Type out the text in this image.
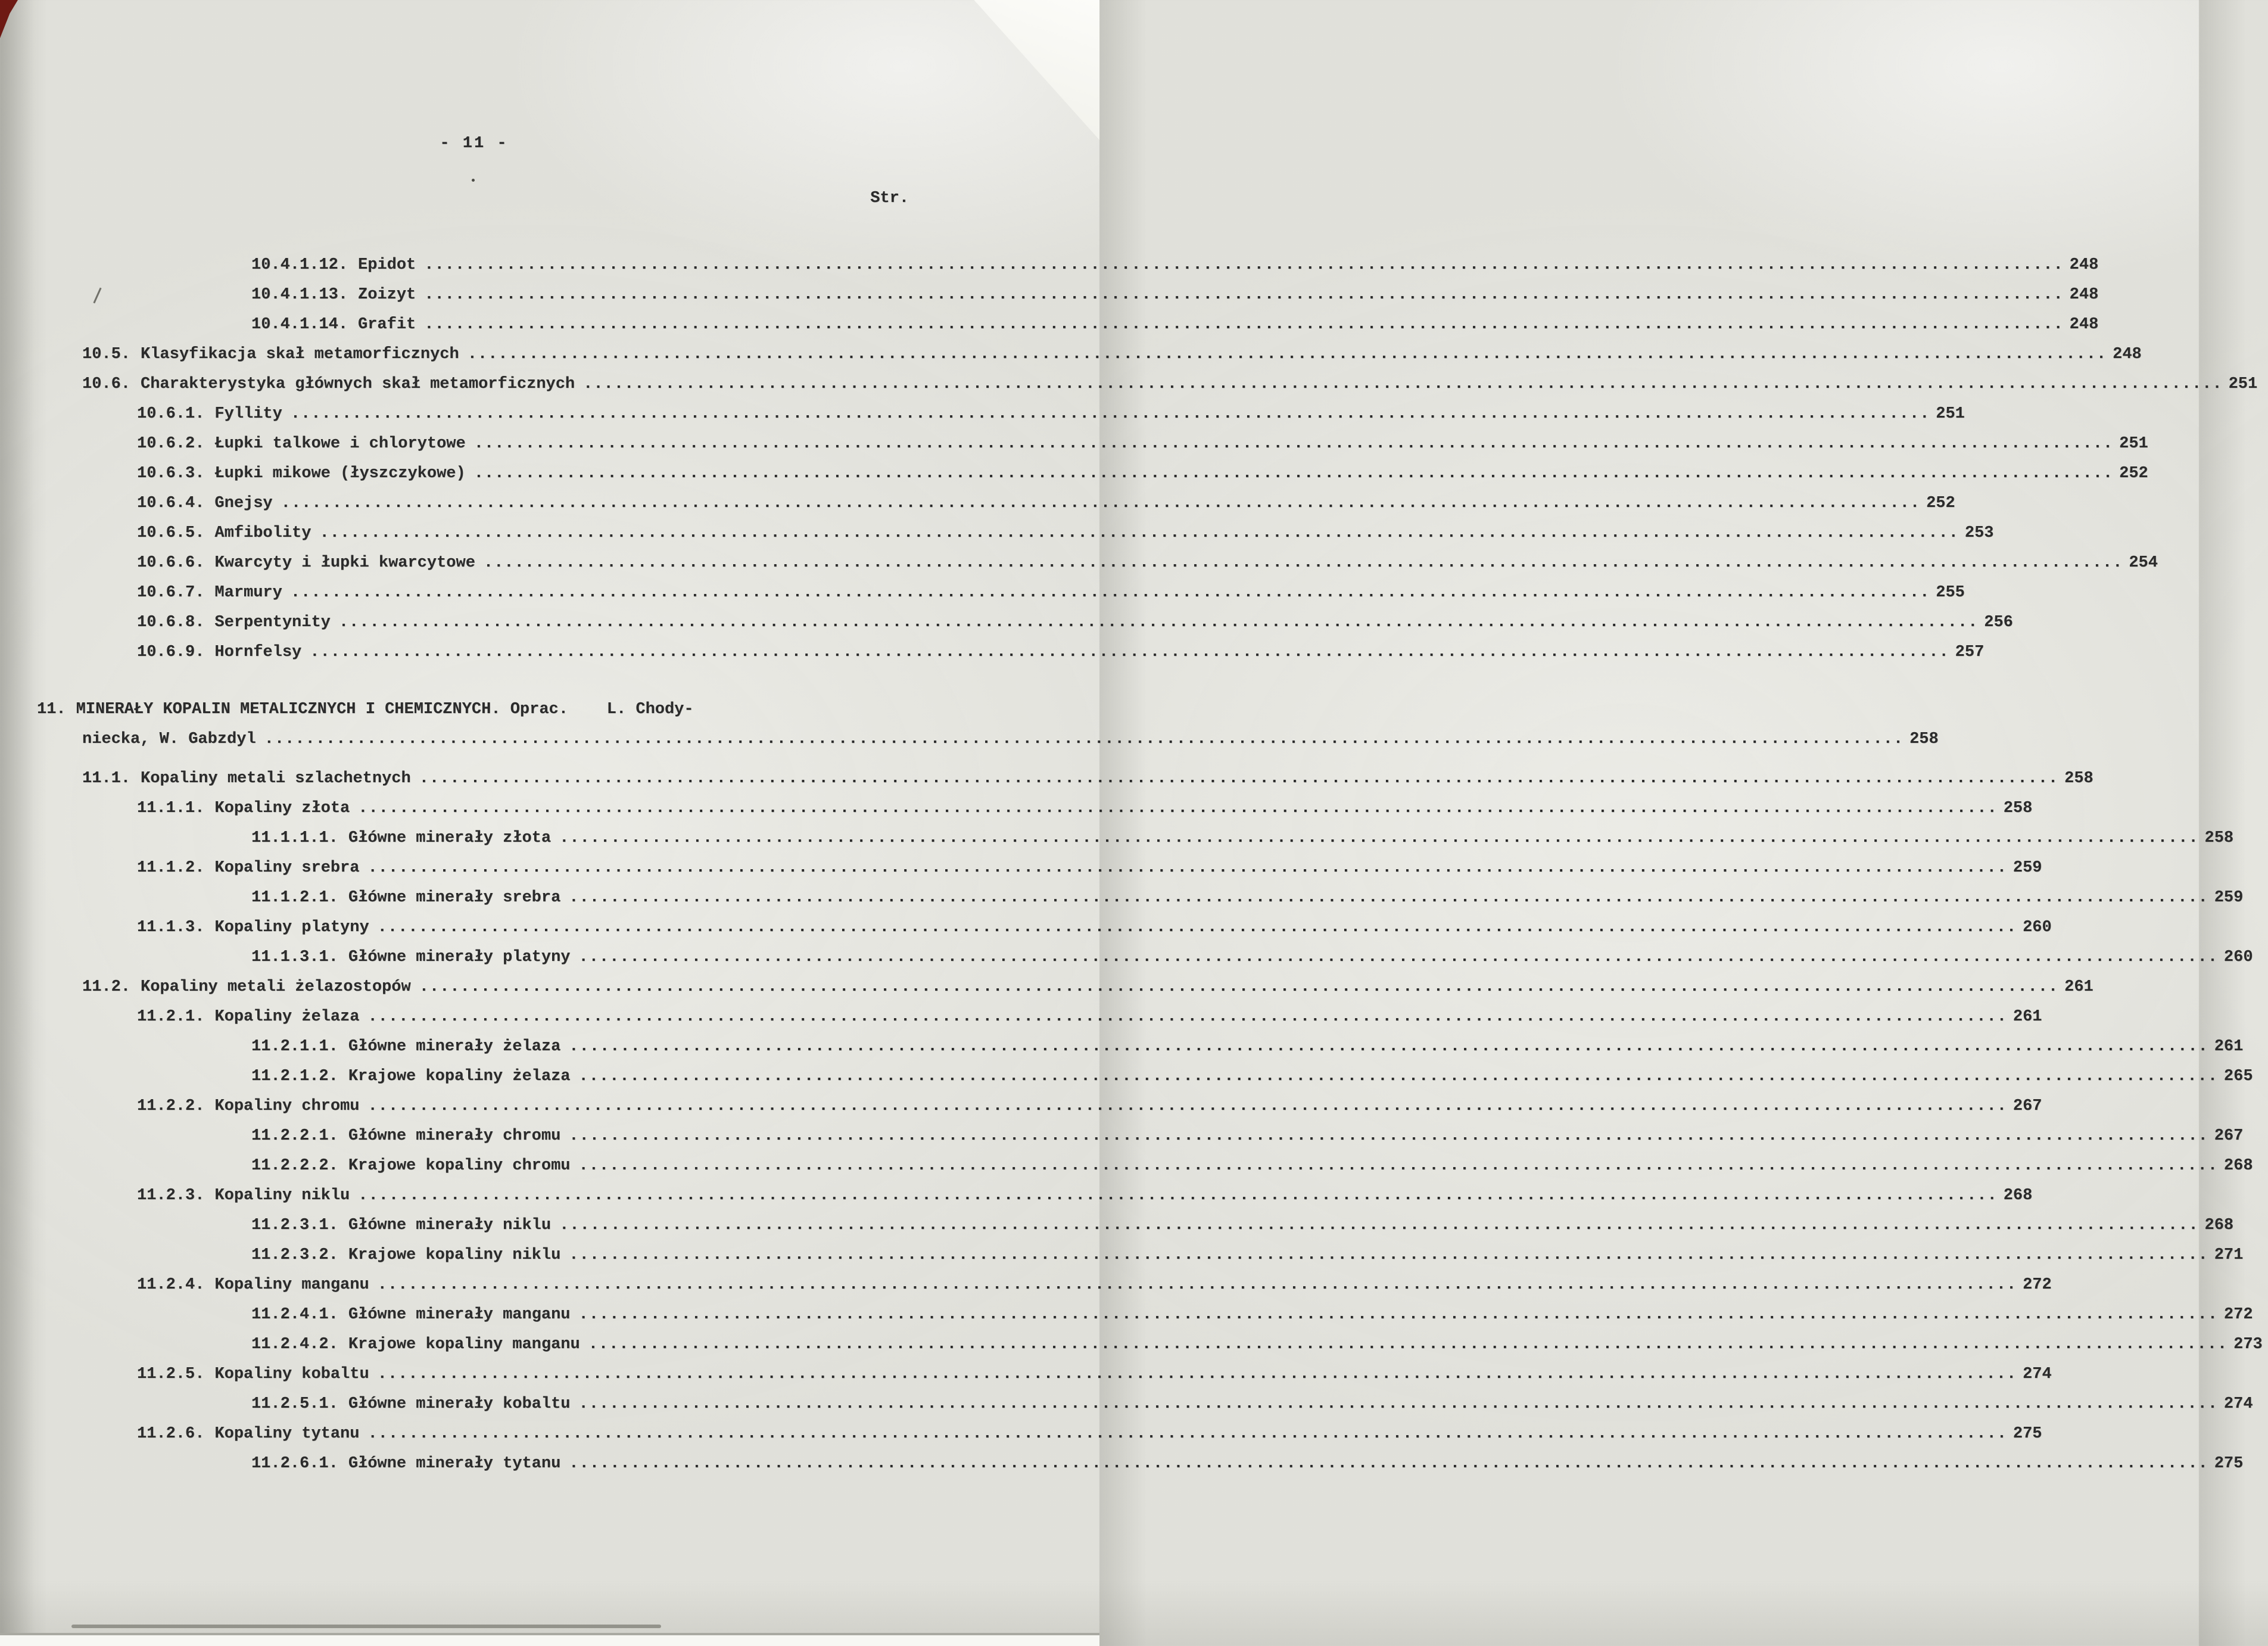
- 11 -
Str.
10.4.1.12. Epidot ................................................................................................................................................................ 248
10.4.1.13. Zoizyt ................................................................................................................................................................ 248
10.4.1.14. Grafit ................................................................................................................................................................ 248
10.5. Klasyfikacja skał metamorficznych ................................................................................................................................................................ 248
10.6. Charakterystyka głównych skał metamorficznych ................................................................................................................................................................ 251
10.6.1. Fyllity ................................................................................................................................................................ 251
10.6.2. Łupki talkowe i chlorytowe ................................................................................................................................................................ 251
10.6.3. Łupki mikowe (łyszczykowe) ................................................................................................................................................................ 252
10.6.4. Gnejsy ................................................................................................................................................................ 252
10.6.5. Amfibolity ................................................................................................................................................................ 253
10.6.6. Kwarcyty i łupki kwarcytowe ................................................................................................................................................................ 254
10.6.7. Marmury ................................................................................................................................................................ 255
10.6.8. Serpentynity ................................................................................................................................................................ 256
10.6.9. Hornfelsy ................................................................................................................................................................ 257
11. MINERAŁY KOPALIN METALICZNYCH I CHEMICZNYCH. Oprac.    L. Chody-
niecka, W. Gabzdyl ................................................................................................................................................................ 258
11.1. Kopaliny metali szlachetnych ................................................................................................................................................................ 258
11.1.1. Kopaliny złota ................................................................................................................................................................ 258
11.1.1.1. Główne minerały złota ................................................................................................................................................................ 258
11.1.2. Kopaliny srebra ................................................................................................................................................................ 259
11.1.2.1. Główne minerały srebra ................................................................................................................................................................ 259
11.1.3. Kopaliny platyny ................................................................................................................................................................ 260
11.1.3.1. Główne minerały platyny ................................................................................................................................................................ 260
11.2. Kopaliny metali żelazostopów ................................................................................................................................................................ 261
11.2.1. Kopaliny żelaza ................................................................................................................................................................ 261
11.2.1.1. Główne minerały żelaza ................................................................................................................................................................ 261
11.2.1.2. Krajowe kopaliny żelaza ................................................................................................................................................................ 265
11.2.2. Kopaliny chromu ................................................................................................................................................................ 267
11.2.2.1. Główne minerały chromu ................................................................................................................................................................ 267
11.2.2.2. Krajowe kopaliny chromu ................................................................................................................................................................ 268
11.2.3. Kopaliny niklu ................................................................................................................................................................ 268
11.2.3.1. Główne minerały niklu ................................................................................................................................................................ 268
11.2.3.2. Krajowe kopaliny niklu ................................................................................................................................................................ 271
11.2.4. Kopaliny manganu ................................................................................................................................................................ 272
11.2.4.1. Główne minerały manganu ................................................................................................................................................................ 272
11.2.4.2. Krajowe kopaliny manganu ................................................................................................................................................................ 273
11.2.5. Kopaliny kobaltu ................................................................................................................................................................ 274
11.2.5.1. Główne minerały kobaltu ................................................................................................................................................................ 274
11.2.6. Kopaliny tytanu ................................................................................................................................................................ 275
11.2.6.1. Główne minerały tytanu ................................................................................................................................................................ 275
